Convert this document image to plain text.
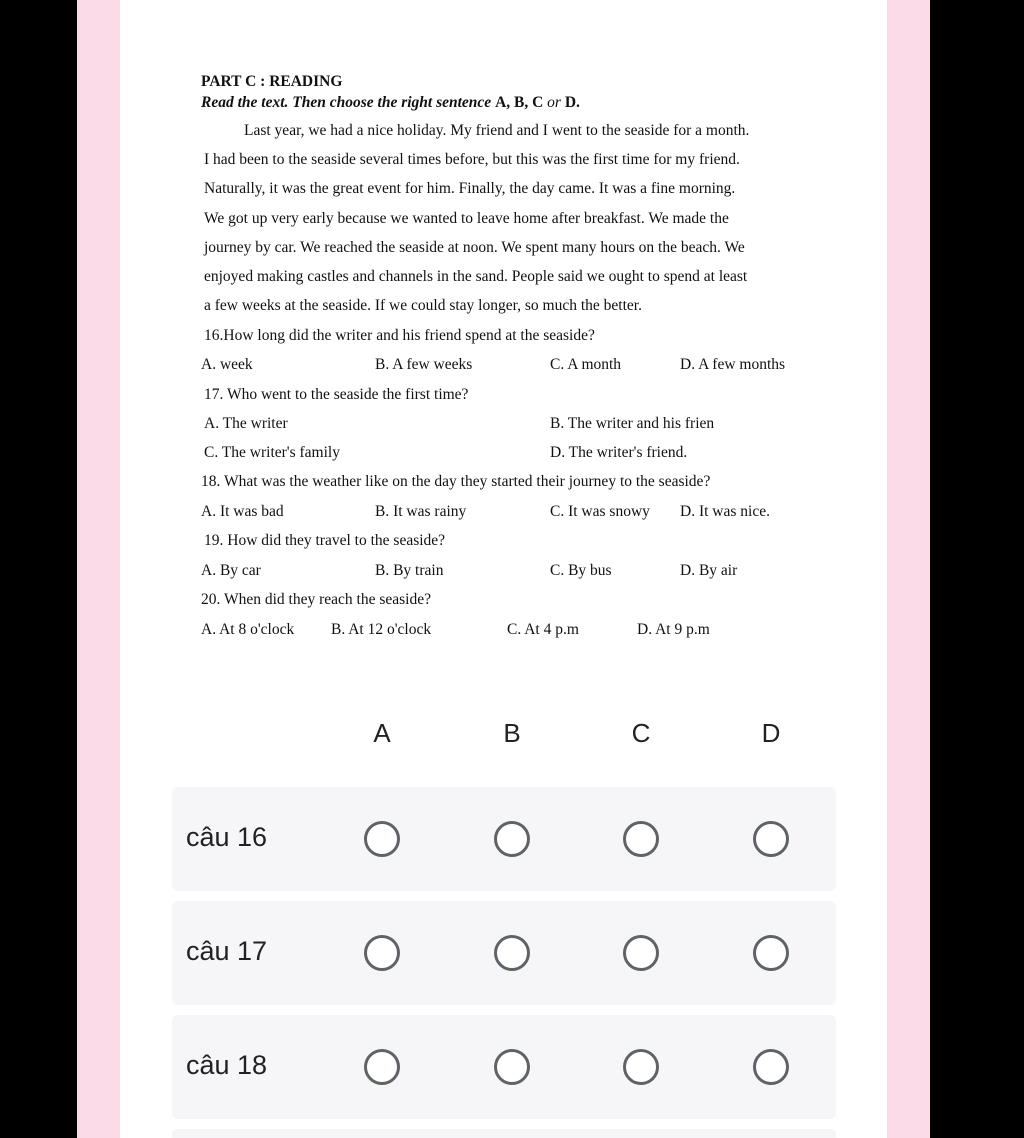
PART C : READING
Read the text. Then choose the right sentence A, B, C or D.
Last year, we had a nice holiday. My friend and I went to the seaside for a month.
I had been to the seaside several times before, but this was the first time for my friend.
Naturally, it was the great event for him. Finally, the day came. It was a fine morning.
We got up very early because we wanted to leave home after breakfast. We made the
journey by car. We reached the seaside at noon. We spent many hours on the beach. We
enjoyed making castles and channels in the sand. People said we ought to spend at least
a few weeks at the seaside. If we could stay longer, so much the better.
16.How long did the writer and his friend spend at the seaside?
A. week	B. A few weeks	C. A month	D. A few months
17. Who went to the seaside the first time?
A. The writer	B. The writer and his frien
C. The writer's family	D. The writer's friend.
18. What was the weather like on the day they started their journey to the seaside?
A. It was bad	B. It was rainy	C. It was snowy D. It was nice.
19. How did they travel to the seaside?
A. By car	B. By train	C. By bus	D. By air
20. When did they reach the seaside?
A. At 8 o'clock B. At 12 o'clock	C. At 4 p.m	D. At 9 p.m
A	B	C	D
câu 16
câu 17
câu 18
